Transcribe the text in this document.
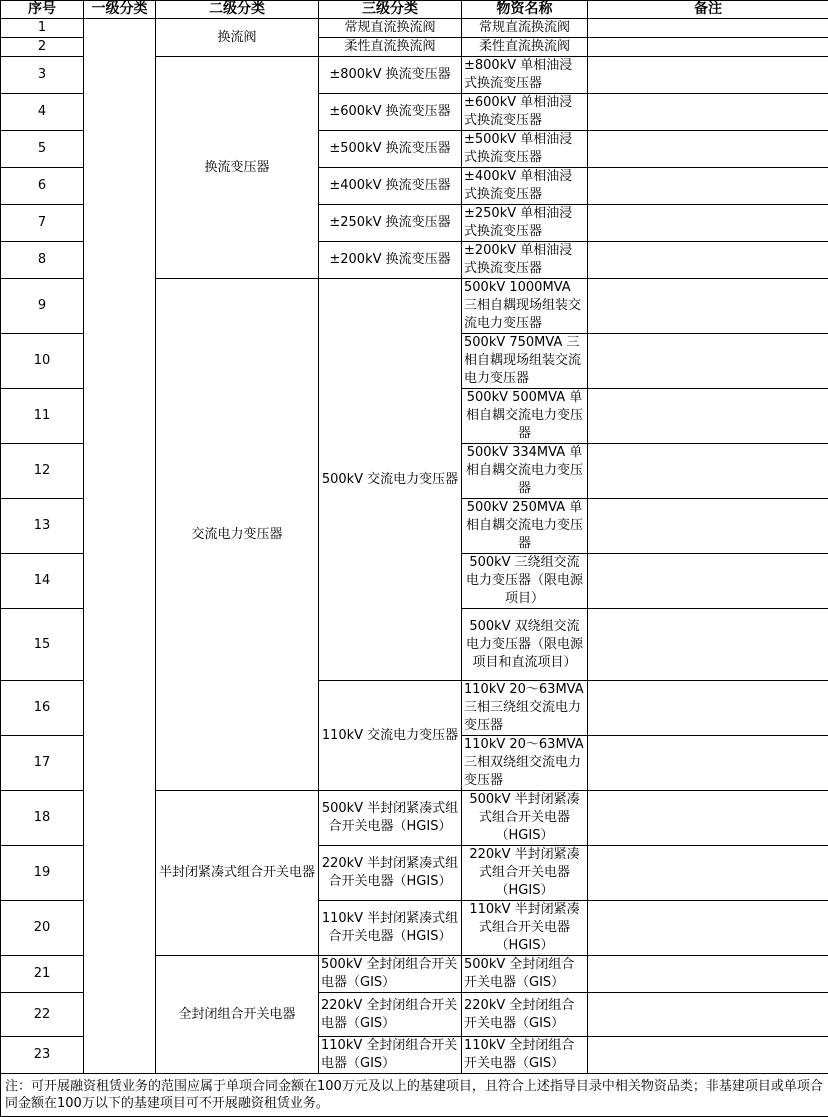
序号	一级分类	二级分类	三级分类	物资名称	备注
1		换流阀	常规直流换流阀	常规直流换流阀	
2			柔性直流换流阀	柔性直流换流阀	
3		换流变压器	±800kV 换流变压器	±800kV 单相油浸式换流变压器	
4			±600kV 换流变压器	±600kV 单相油浸式换流变压器	
5			±500kV 换流变压器	±500kV 单相油浸式换流变压器	
6			±400kV 换流变压器	±400kV 单相油浸式换流变压器	
7			±250kV 换流变压器	±250kV 单相油浸式换流变压器	
8			±200kV 换流变压器	±200kV 单相油浸式换流变压器	
9		交流电力变压器	500kV 交流电力变压器	500kV 1000MVA 三相自耦现场组装交流电力变压器	
10				500kV 750MVA 三相自耦现场组装交流电力变压器	
11				500kV 500MVA 单相自耦交流电力变压器	
12				500kV 334MVA 单相自耦交流电力变压器	
13				500kV 250MVA 单相自耦交流电力变压器	
14				500kV 三绕组交流电力变压器（限电源项目）	
15				500kV 双绕组交流电力变压器（限电源项目和直流项目）	
16			110kV 交流电力变压器	110kV 20～63MVA 三相三绕组交流电力变压器	
17				110kV 20～63MVA 三相双绕组交流电力变压器	
18		半封闭紧凑式组合开关电器	500kV 半封闭紧凑式组合开关电器（HGIS）	500kV 半封闭紧凑式组合开关电器（HGIS）	
19			220kV 半封闭紧凑式组合开关电器（HGIS）	220kV 半封闭紧凑式组合开关电器（HGIS）	
20			110kV 半封闭紧凑式组合开关电器（HGIS）	110kV 半封闭紧凑式组合开关电器（HGIS）	
21		全封闭组合开关电器	500kV 全封闭组合开关电器（GIS）	500kV 全封闭组合开关电器（GIS）	
22			220kV 全封闭组合开关电器（GIS）	220kV 全封闭组合开关电器（GIS）	
23			110kV 全封闭组合开关电器（GIS）	110kV 全封闭组合开关电器（GIS）	
注：可开展融资租赁业务的范围应属于单项合同金额在100万元及以上的基建项目，且符合上述指导目录中相关物资品类；非基建项目或单项合同金额在100万以下的基建项目可不开展融资租赁业务。					
